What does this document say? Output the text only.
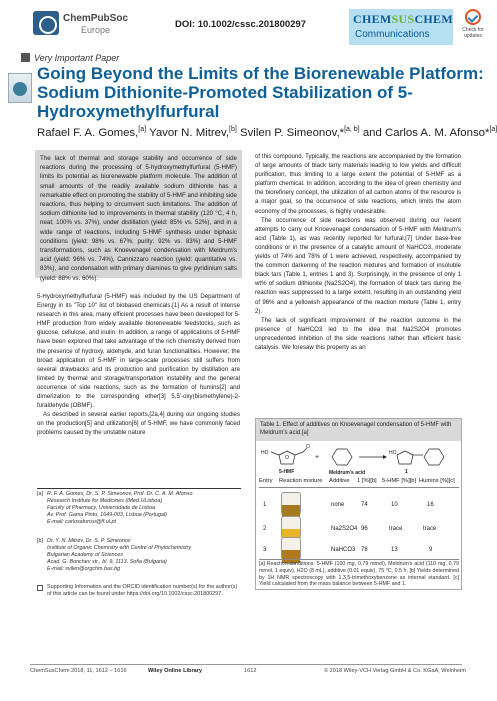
ChemPubSoc
Europe	DOI: 10.1002/cssc.201800297	CHEMSUSCHEM
Communications	Check for
updates
Very Important Paper
Going Beyond the Limits of the Biorenewable Platform: Sodium Dithionite-Promoted Stabilization of 5-Hydroxymethylfurfural
Rafael F. A. Gomes,[a] Yavor N. Mitrev,[b] Svilen P. Simeonov,*[a, b] and Carlos A. M. Afonso*[a]
The lack of thermal and storage stability and occurrence of side reactions during the processing of 5-hydroxymethylfurfural (5-HMF) limits its potential as biorenewable platform molecule. The addition of small amounts of the readily available sodium dithionite has a remarkable effect on promoting the stability of 5-HMF and inhibiting side reactions, thus helping to circumvent such limitations. The addition of sodium dithionite led to improvements in thermal stability (120 °C, 4 h, neat; 100% vs. 37%), under distillation (yield: 85% vs. 52%), and in a wide range of reactions, including 5-HMF synthesis under biphasic conditions (yield: 98% vs. 67%; purity: 92% vs. 83%) and 5-HMF transformations, such as Knoevenagel condensation with Meldrum's acid (yield: 96% vs. 74%), Cannizzaro reaction (yield: quantitative vs. 83%), and condensation with primary diamines to give pyridinium salts (yield: 88% vs. 60%).

5-Hydroxymethylfurfural (5-HMF) was included by the US Department of Energy in its "Top 10" list of biobased chemicals.[1] As a result of intense research in this area, many efficient processes have been developed for 5-HMF production from widely available biorenewable feedstocks, such as glucose, cellulose, and inulin. In addition, a range of applications of 5-HMF have been explored that take advantage of the rich chemistry derived from the presence of hydroxy, aldehyde, and furan functionalities. However, the broad application of 5-HMF in large-scale processes still suffers from several drawbacks and its production and purification by distillation are limited by thermal and storage/transportation instability and the general occurrence of side reactions, such as the formation of humins[2] and dimerization to the corresponding ether[3] 5,5'-oxy(bismethylene)-2-furaldehyde (OBMF).

As described in several earlier reports,[2a,4] during our ongoing studies on the production[5] and utilization[6] of 5-HMF, we have commonly faced problems caused by the unstable nature

of this compound. Typically, the reactions are accompanied by the formation of large amounts of black tarry materials leading to low yields and difficult purification, thus limiting to a large extent the potential of 5-HMF as a platform chemical. In addition, according to the idea of green chemistry and the biorefinery concept, the utilization of all carbon atoms of the resource is a major goal, so the occurrence of side reactions, which limits the atom economy of the processes, is highly undesirable.

The occurrence of side reactions was observed during our recent attempts to carry out Knoevenagel condensation of 5-HMF with Meldrum's acid (Table 1), as was recently reported for furfural.[7] Under base-free conditions or in the presence of a catalytic amount of NaHCO3, moderate yields of 74% and 78% of 1 were achieved, respectively, accompanied by the common darkening of the reaction mixtures and formation of insoluble black tars (Table 1, entries 1 and 3). Surprisingly, in the presence of only 1 wt% of sodium dithionite (Na2S2O4), the formation of black tars during the reaction was suppressed to a large extent, resulting in an outstanding yield of 96% and a yellowish appearance of the reaction mixture (Table 1, entry 2).

The lack of significant improvement of the reaction outcome in the presence of NaHCO3 led to the idea that Na2S2O4 promotes unprecedented inhibition of the side reactions rather than efficient basic catalysis. We foresaw this property as an

[a] R. F. A. Gomes, Dr. S. P. Simeonov, Prof. Dr. C. A. M. Afonso
Research Institute for Medicines (iMed.ULisboa)
Faculty of Pharmacy, Universidade de Lisboa
Av. Prof. Gama Pinto, 1649-003, Lisboa (Portugal)
E-mail: carlosafonso@ff.ul.pt
[b] Dr. Y. N. Mitrev, Dr. S. P. Simeonov
Institute of Organic Chemistry with Centre of Phytochemistry
Bulgarian Academy of Sciences
Acad. G. Bonchev str., bl. 9, 1113, Sofia (Bulgaria)
E-mail: svilen@orgchm.bas.bg
Supporting Information and the ORCID identification number(s) for the author(s) of this article can be found under https://doi.org/10.1002/cssc.201800297.
Table 1. Effect of additives on Knoevenagel condensation of 5-HMF with Meldrum's acid.[a]
HO
O
O
5-HMF
+
Meldrum's acid
HO
1
Entry Reaction mixture Additive 1 [%][b] 5-HMF [%][b] Humins [%][c]
1	none	74	10	16
2	Na2S2O4 96	trace	trace
3	NaHCO3 78	13	9
[a] Reaction conditions: 5-HMF (100 mg, 0.79 mmol), Meldrum's acid (110 mg, 0.79 mmol, 1 equiv), H2O (8 mL), additive (0.01 equiv), 75 °C, 0.5 h. [b] Yields determined by 1H NMR spectroscopy with 1,3,5-trimethoxybenzene as internal standard. [c] Yield calculated from the mass balance between 5-HMF and 1.
ChemSusChem 2018, 11, 1612 – 1616	Wiley Online Library	1612	© 2018 Wiley-VCH Verlag GmbH & Co. KGaA, Weinheim
